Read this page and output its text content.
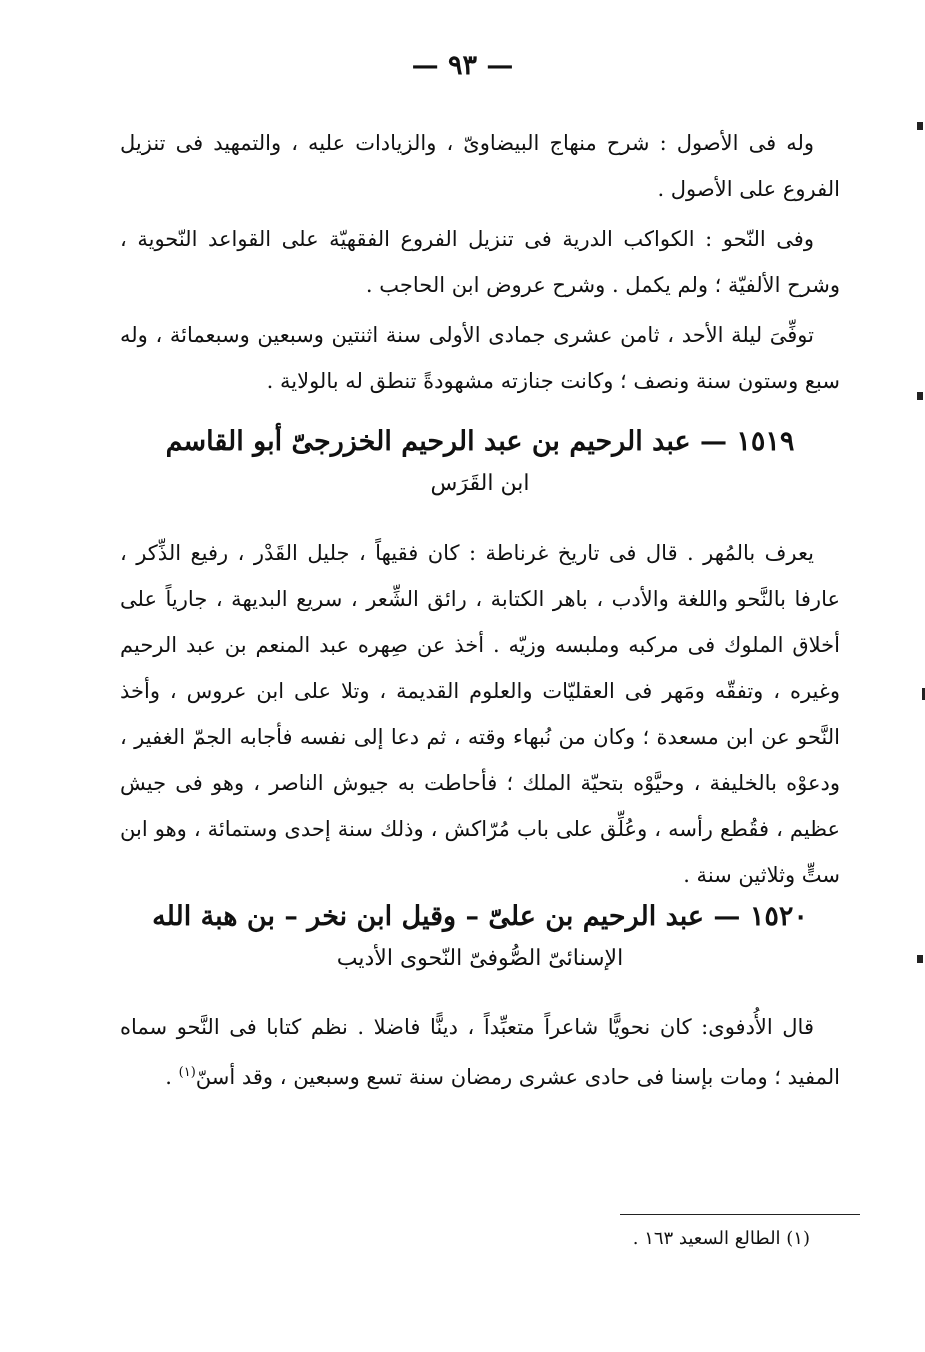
— ٩٣ —

وله فى الأصول : شرح منهاج البيضاوىّ ، والزيادات عليه ، والتمهيد فى تنزيل الفروع على الأصول .

وفى النّحو : الكواكب الدرية فى تنزيل الفروع الفقهيّة على القواعد النّحوية ، وشرح الألفيّة ؛ ولم يكمل . وشرح عروض ابن الحاجب .

توفِّىَ ليلة الأحد ، ثامن عشرى جمادى الأولى سنة اثنتين وسبعين وسبعمائة ، وله سبع وستون سنة ونصف ؛ وكانت جنازته مشهودةً تنطق له بالولاية .

١٥١٩ — عبد الرحيم بن عبد الرحيم الخزرجىّ أبو القاسم
ابن القَرَس

يعرف بالمُهر . قال فى تاريخ غرناطة : كان فقيهاً ، جليل القَدْر ، رفيع الذِّكر ، عارفا بالنَّحو واللغة والأدب ، باهر الكتابة ، رائق الشِّعر ، سريع البديهة ، جارياً على أخلاق الملوك فى مركبه وملبسه وزيّه . أخذ عن صِهره عبد المنعم بن عبد الرحيم وغيره ، وتفقّه ومَهر فى العقليّات والعلوم القديمة ، وتلا على ابن عروس ، وأخذ النَّحو عن ابن مسعدة ؛ وكان من نُبهاء وقته ، ثم دعا إلى نفسه فأجابه الجمّ الغفير ، ودعوْه بالخليفة ، وحيَّوْه بتحيّة الملك ؛ فأحاطت به جيوش الناصر ، وهو فى جيش عظيم ، فقُطع رأسه ، وعُلِّق على باب مُرّاكش ، وذلك سنة إحدى وستمائة ، وهو ابن ستٍّ وثلاثين سنة .

١٥٢٠ — عبد الرحيم بن علىّ – وقيل ابن نخر – بن هبة الله
الإسنائىّ الصُّوفىّ النّحوى الأديب

قال الأُدفوى: كان نحويًّا شاعراً متعبِّداً ، دينًّا فاضلا . نظم كتابا فى النَّحو سماه المفيد ؛ ومات بإسنا فى حادى عشرى رمضان سنة تسع وسبعين ، وقد أسنّ$^{(١)}$ .

(١) الطالع السعيد ١٦٣ .
